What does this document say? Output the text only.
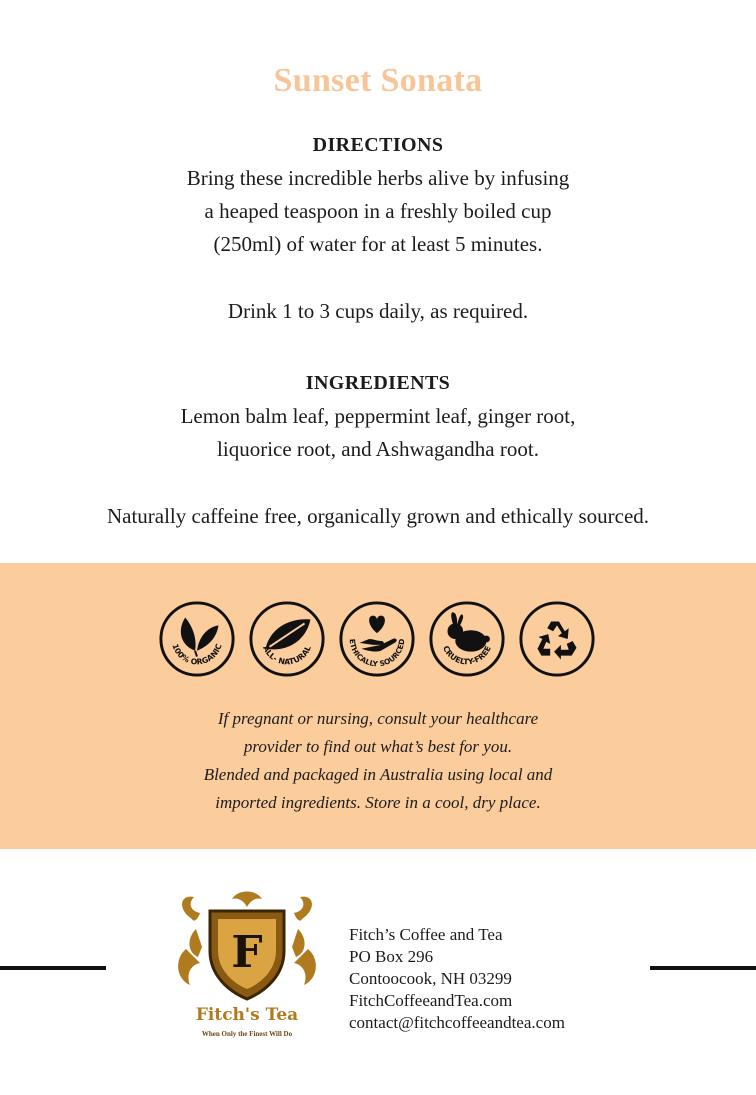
Sunset Sonata
DIRECTIONS
Bring these incredible herbs alive by infusing
a heaped teaspoon in a freshly boiled cup
(250ml) of water for at least 5 minutes.
Drink 1 to 3 cups daily, as required.
INGREDIENTS
Lemon balm leaf, peppermint leaf, ginger root,
liquorice root, and Ashwagandha root.
Naturally caffeine free, organically grown and ethically sourced.
100% ORGANIC	ALL- NATURAL
ETHICALLY SOURCED
CRUELTY-FREE
If pregnant or nursing, consult your healthcare
provider to find out what’s best for you.
Blended and packaged in Australia using local and
imported ingredients. Store in a cool, dry place.
F
Fitch's Tea
When Only the Finest Will Do
Fitch’s Coffee and Tea
PO Box 296
Contoocook, NH 03299
FitchCoffeeandTea.com
contact@fitchcoffeeandtea.com
